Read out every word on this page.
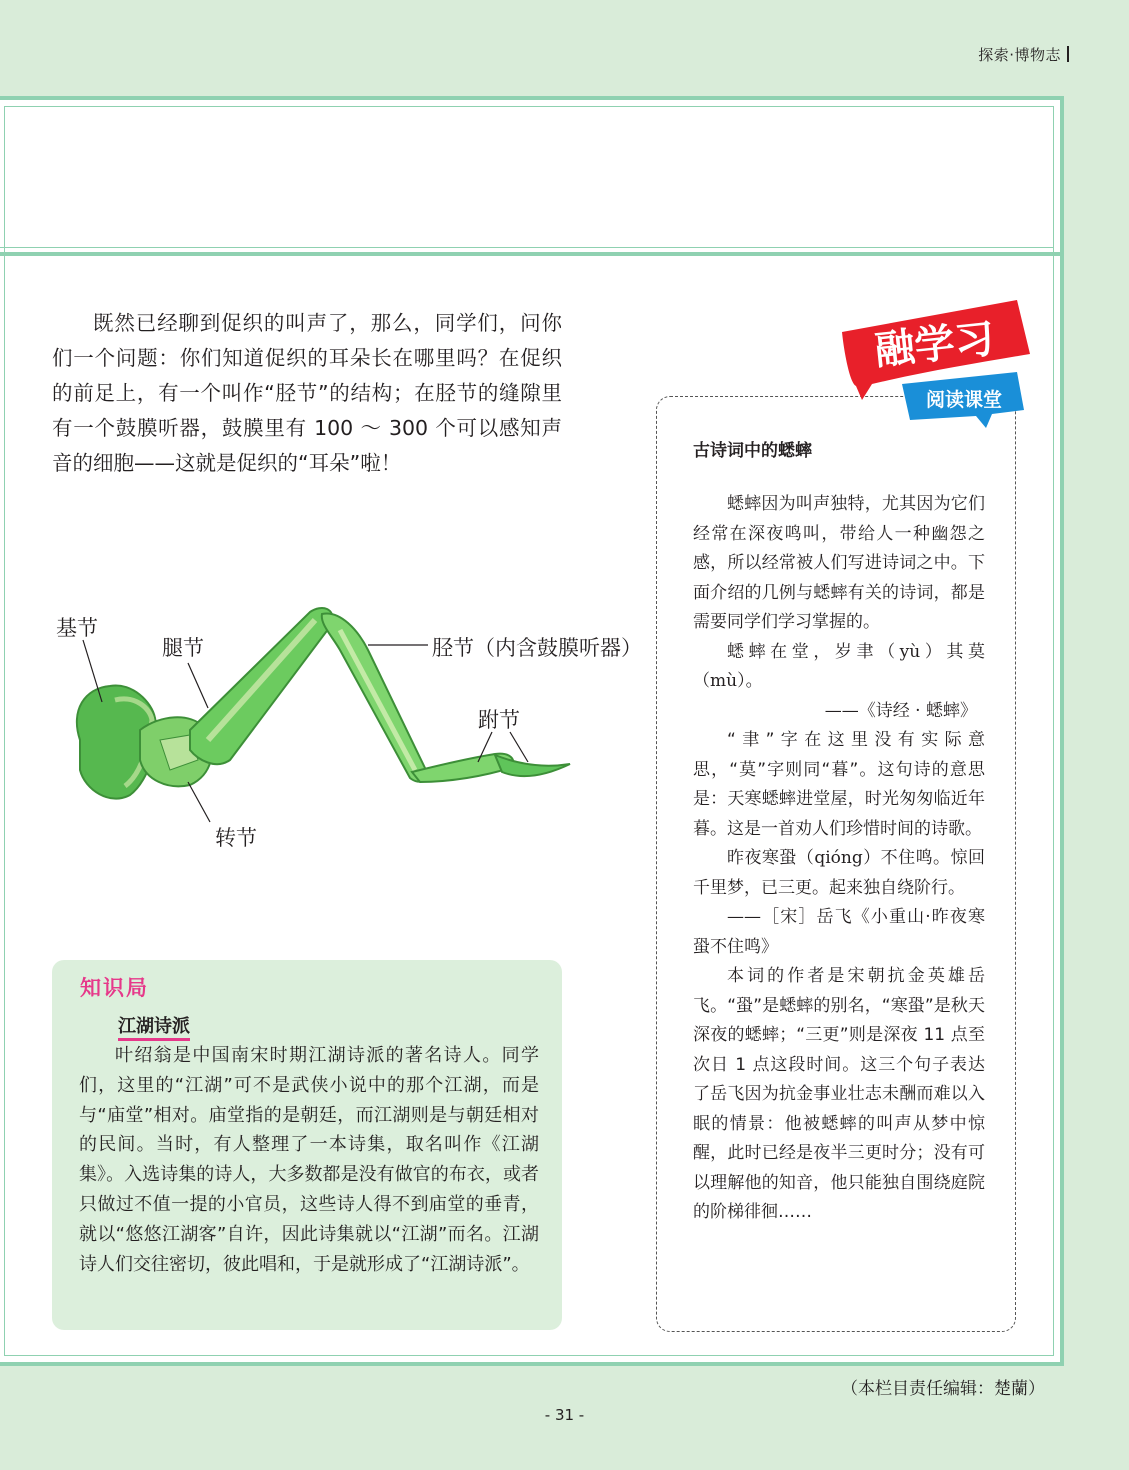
探索·博物志

既然已经聊到促织的叫声了，那么，同学们，问你们一个问题：你们知道促织的耳朵长在哪里吗？在促织的前足上，有一个叫作“胫节”的结构；在胫节的缝隙里有一个鼓膜听器，鼓膜里有 100 ～ 300 个可以感知声音的细胞——这就是促织的“耳朵”啦！

基节
腿节	胫节（内含鼓膜听器）
跗节
转节
融学习
阅读课堂
古诗词中的蟋蟀

蟋蟀因为叫声独特，尤其因为它们经常在深夜鸣叫，带给人一种幽怨之感，所以经常被人们写进诗词之中。下面介绍的几例与蟋蟀有关的诗词，都是需要同学们学习掌握的。

蟋蟀在堂，岁聿（yù）其莫（mù）。

——《诗经 · 蟋蟀》

“聿”字在这里没有实际意思，“莫”字则同“暮”。这句诗的意思是：天寒蟋蟀进堂屋，时光匆匆临近年暮。这是一首劝人们珍惜时间的诗歌。

昨夜寒蛩（qióng）不住鸣。惊回千里梦，已三更。起来独自绕阶行。

——［宋］岳飞《小重山·昨夜寒蛩不住鸣》

本词的作者是宋朝抗金英雄岳飞。“蛩”是蟋蟀的别名，“寒蛩”是秋天深夜的蟋蟀；“三更”则是深夜 11 点至次日 1 点这段时间。这三个句子表达了岳飞因为抗金事业壮志未酬而难以入眠的情景：他被蟋蟀的叫声从梦中惊醒，此时已经是夜半三更时分；没有可以理解他的知音，他只能独自围绕庭院的阶梯徘徊……

知识局
江湖诗派

叶绍翁是中国南宋时期江湖诗派的著名诗人。同学们，这里的“江湖”可不是武侠小说中的那个江湖，而是与“庙堂”相对。庙堂指的是朝廷，而江湖则是与朝廷相对的民间。当时，有人整理了一本诗集，取名叫作《江湖集》。入选诗集的诗人，大多数都是没有做官的布衣，或者只做过不值一提的小官员，这些诗人得不到庙堂的垂青，就以“悠悠江湖客”自许，因此诗集就以“江湖”而名。江湖诗人们交往密切，彼此唱和，于是就形成了“江湖诗派”。

（本栏目责任编辑：楚蘭）
- 31 -
